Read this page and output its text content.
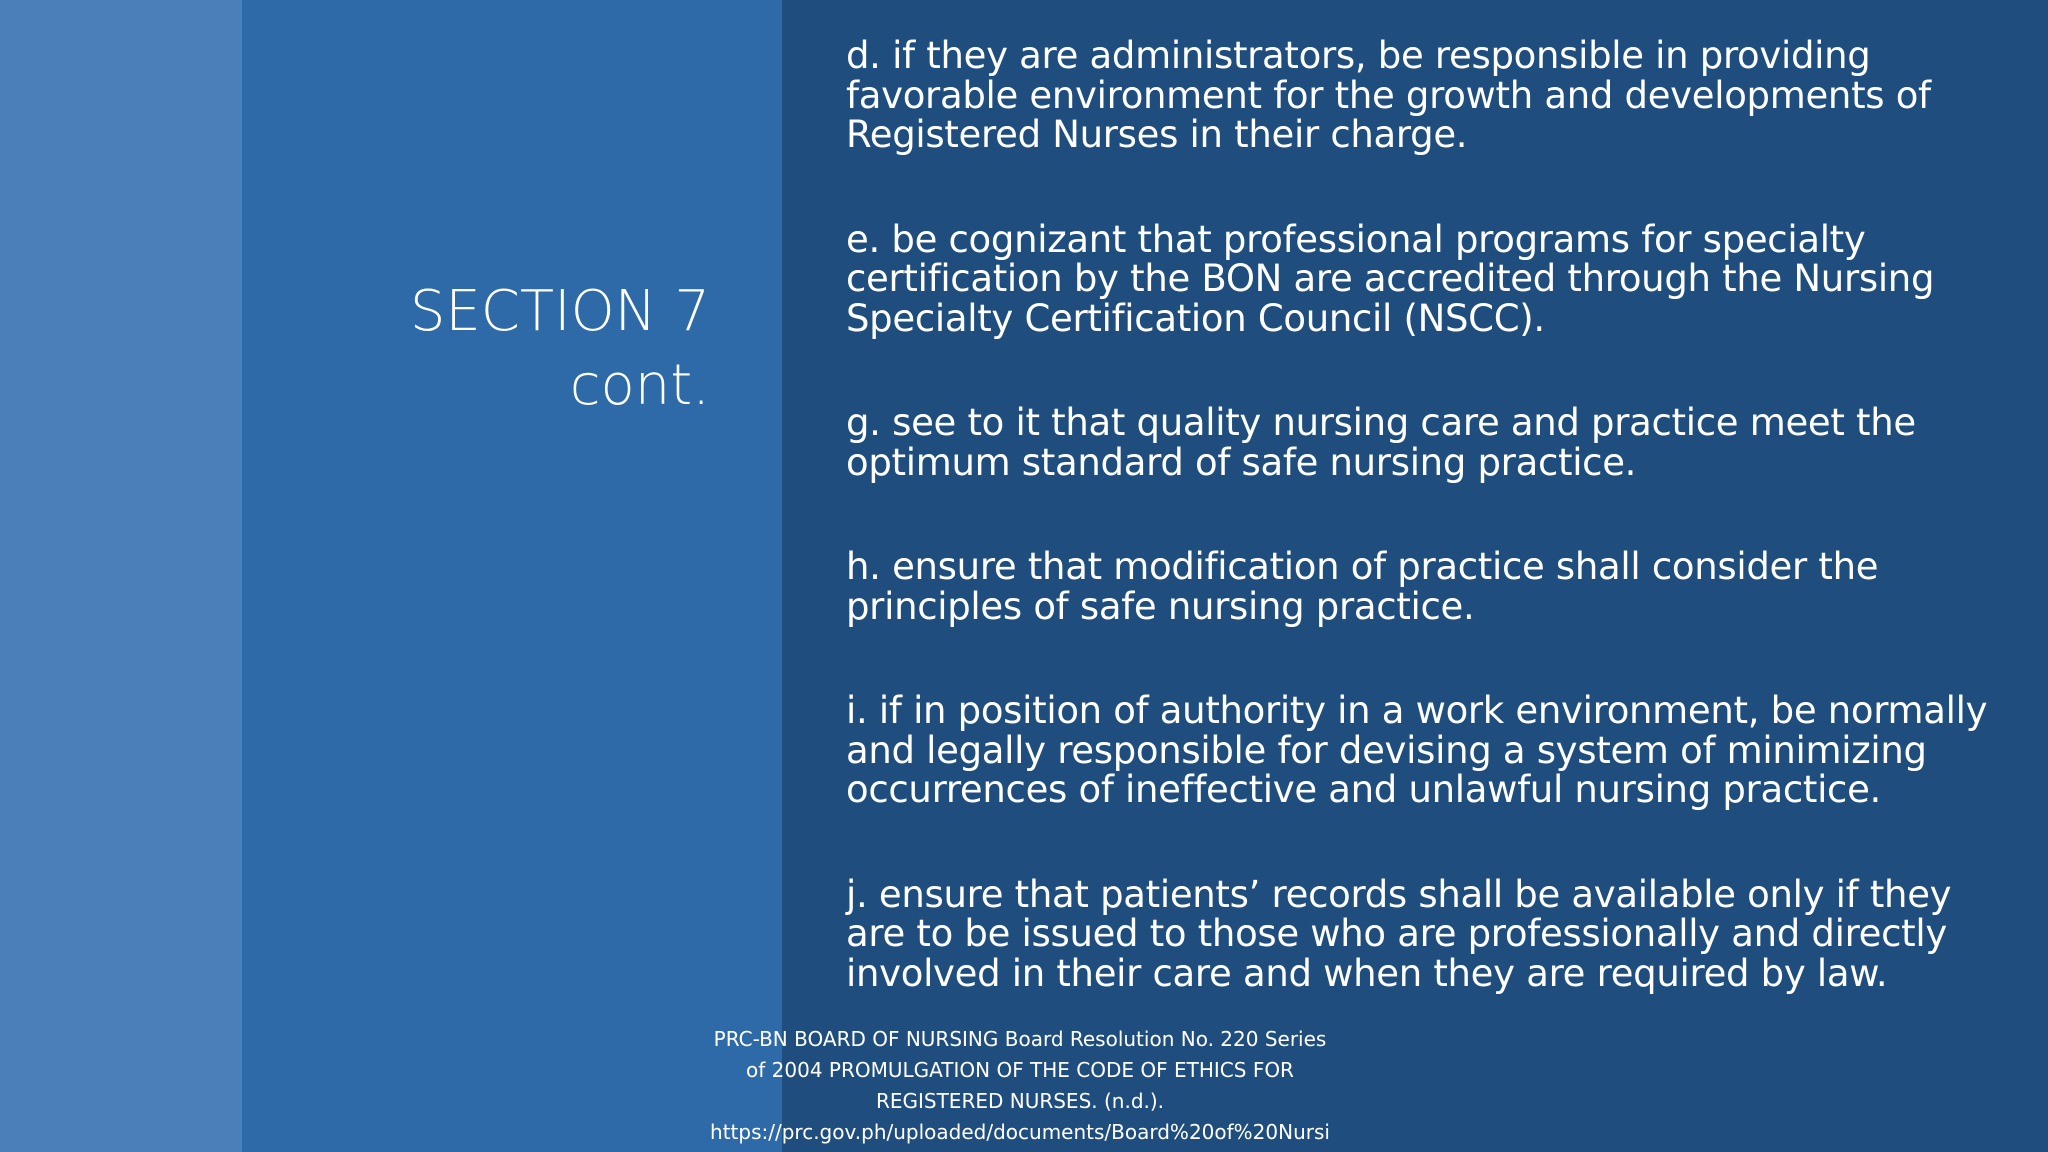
SECTION 7
cont.

d. if they are administrators, be responsible in providing favorable environment for the growth and developments of Registered Nurses in their charge.

e. be cognizant that professional programs for specialty certification by the BON are accredited through the Nursing Specialty Certification Council (NSCC).

g. see to it that quality nursing care and practice meet the optimum standard of safe nursing practice.

h. ensure that modification of practice shall consider the principles of safe nursing practice.

i. if in position of authority in a work environment, be normally and legally responsible for devising a system of minimizing occurrences of ineffective and unlawful nursing practice.

j. ensure that patients’ records shall be available only if they are to be issued to those who are professionally and directly involved in their care and when they are required by law.

PRC-BN BOARD OF NURSING Board Resolution No. 220 Series
of 2004 PROMULGATION OF THE CODE OF ETHICS FOR
REGISTERED NURSES. (n.d.).
https://prc.gov.ph/uploaded/documents/Board%20of%20Nursi
